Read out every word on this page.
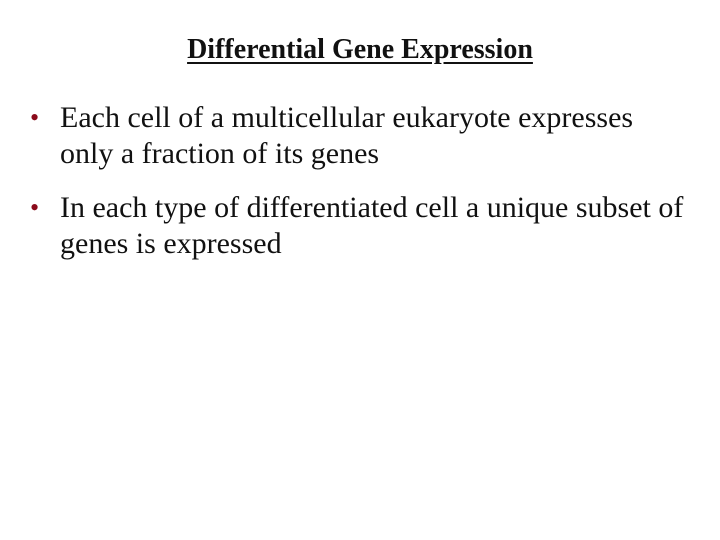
Differential Gene Expression
• Each cell of a multicellular eukaryote expresses only a fraction of its genes
• In each type of differentiated cell a unique subset of genes is expressed
